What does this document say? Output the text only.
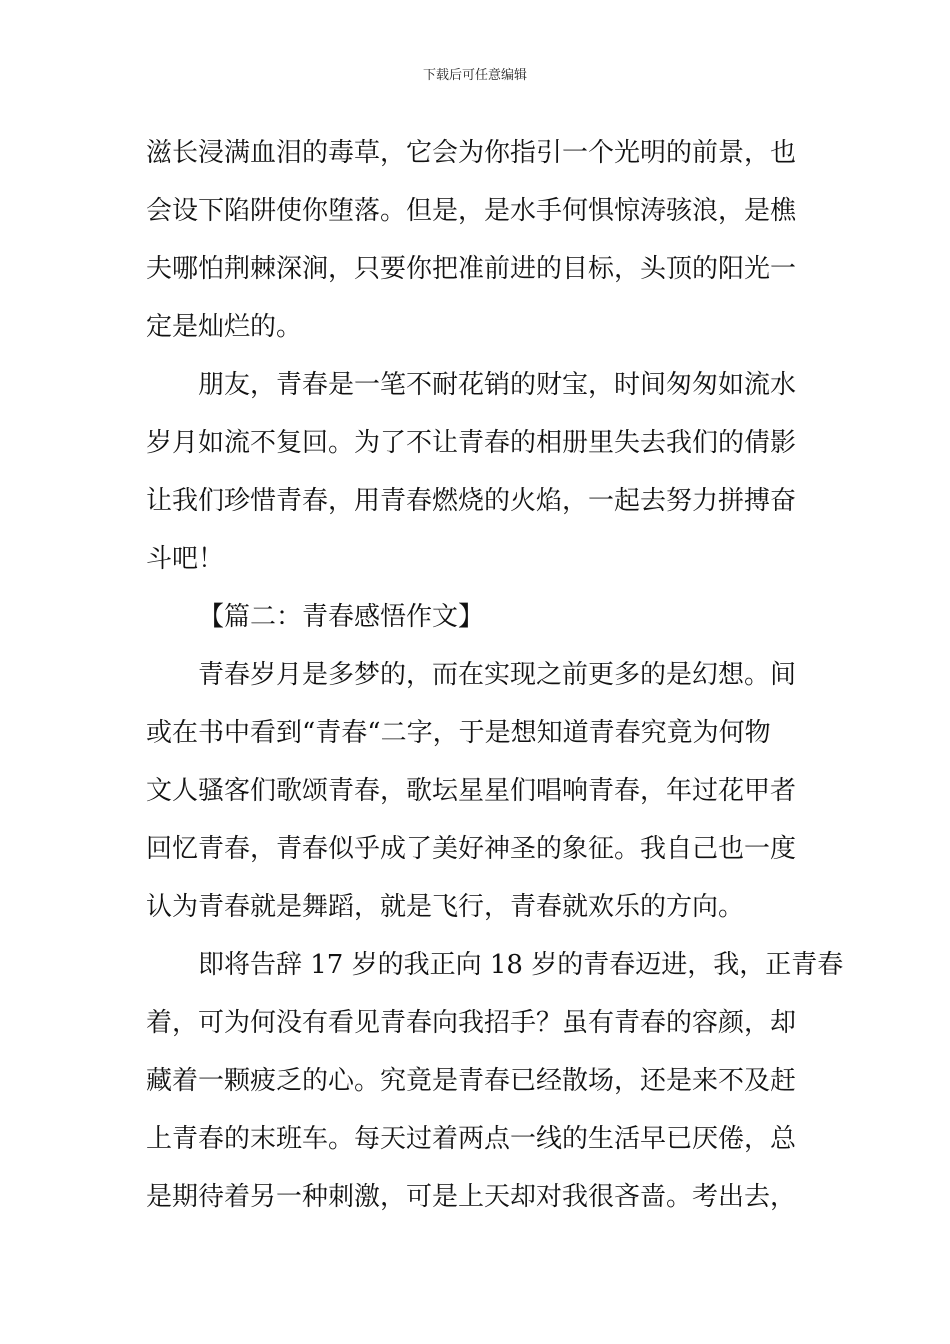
下载后可任意编辑
滋长浸满血泪的毒草，它会为你指引一个光明的前景，也
会设下陷阱使你堕落。但是，是水手何惧惊涛骇浪，是樵
夫哪怕荆棘深涧，只要你把准前进的目标，头顶的阳光一
定是灿烂的。
朋友，青春是一笔不耐花销的财宝，时间匆匆如流水
岁月如流不复回。为了不让青春的相册里失去我们的倩影
让我们珍惜青春，用青春燃烧的火焰，一起去努力拼搏奋
斗吧！
【篇二：青春感悟作文】
青春岁月是多梦的，而在实现之前更多的是幻想。间
或在书中看到“青春“二字，于是想知道青春究竟为何物
文人骚客们歌颂青春，歌坛星星们唱响青春，年过花甲者
回忆青春，青春似乎成了美好神圣的象征。我自己也一度
认为青春就是舞蹈，就是飞行，青春就欢乐的方向。
即将告辞 17 岁的我正向 18 岁的青春迈进，我，正青春
着，可为何没有看见青春向我招手？虽有青春的容颜，却
藏着一颗疲乏的心。究竟是青春已经散场，还是来不及赶
上青春的末班车。每天过着两点一线的生活早已厌倦，总
是期待着另一种刺激，可是上天却对我很吝啬。考出去，
